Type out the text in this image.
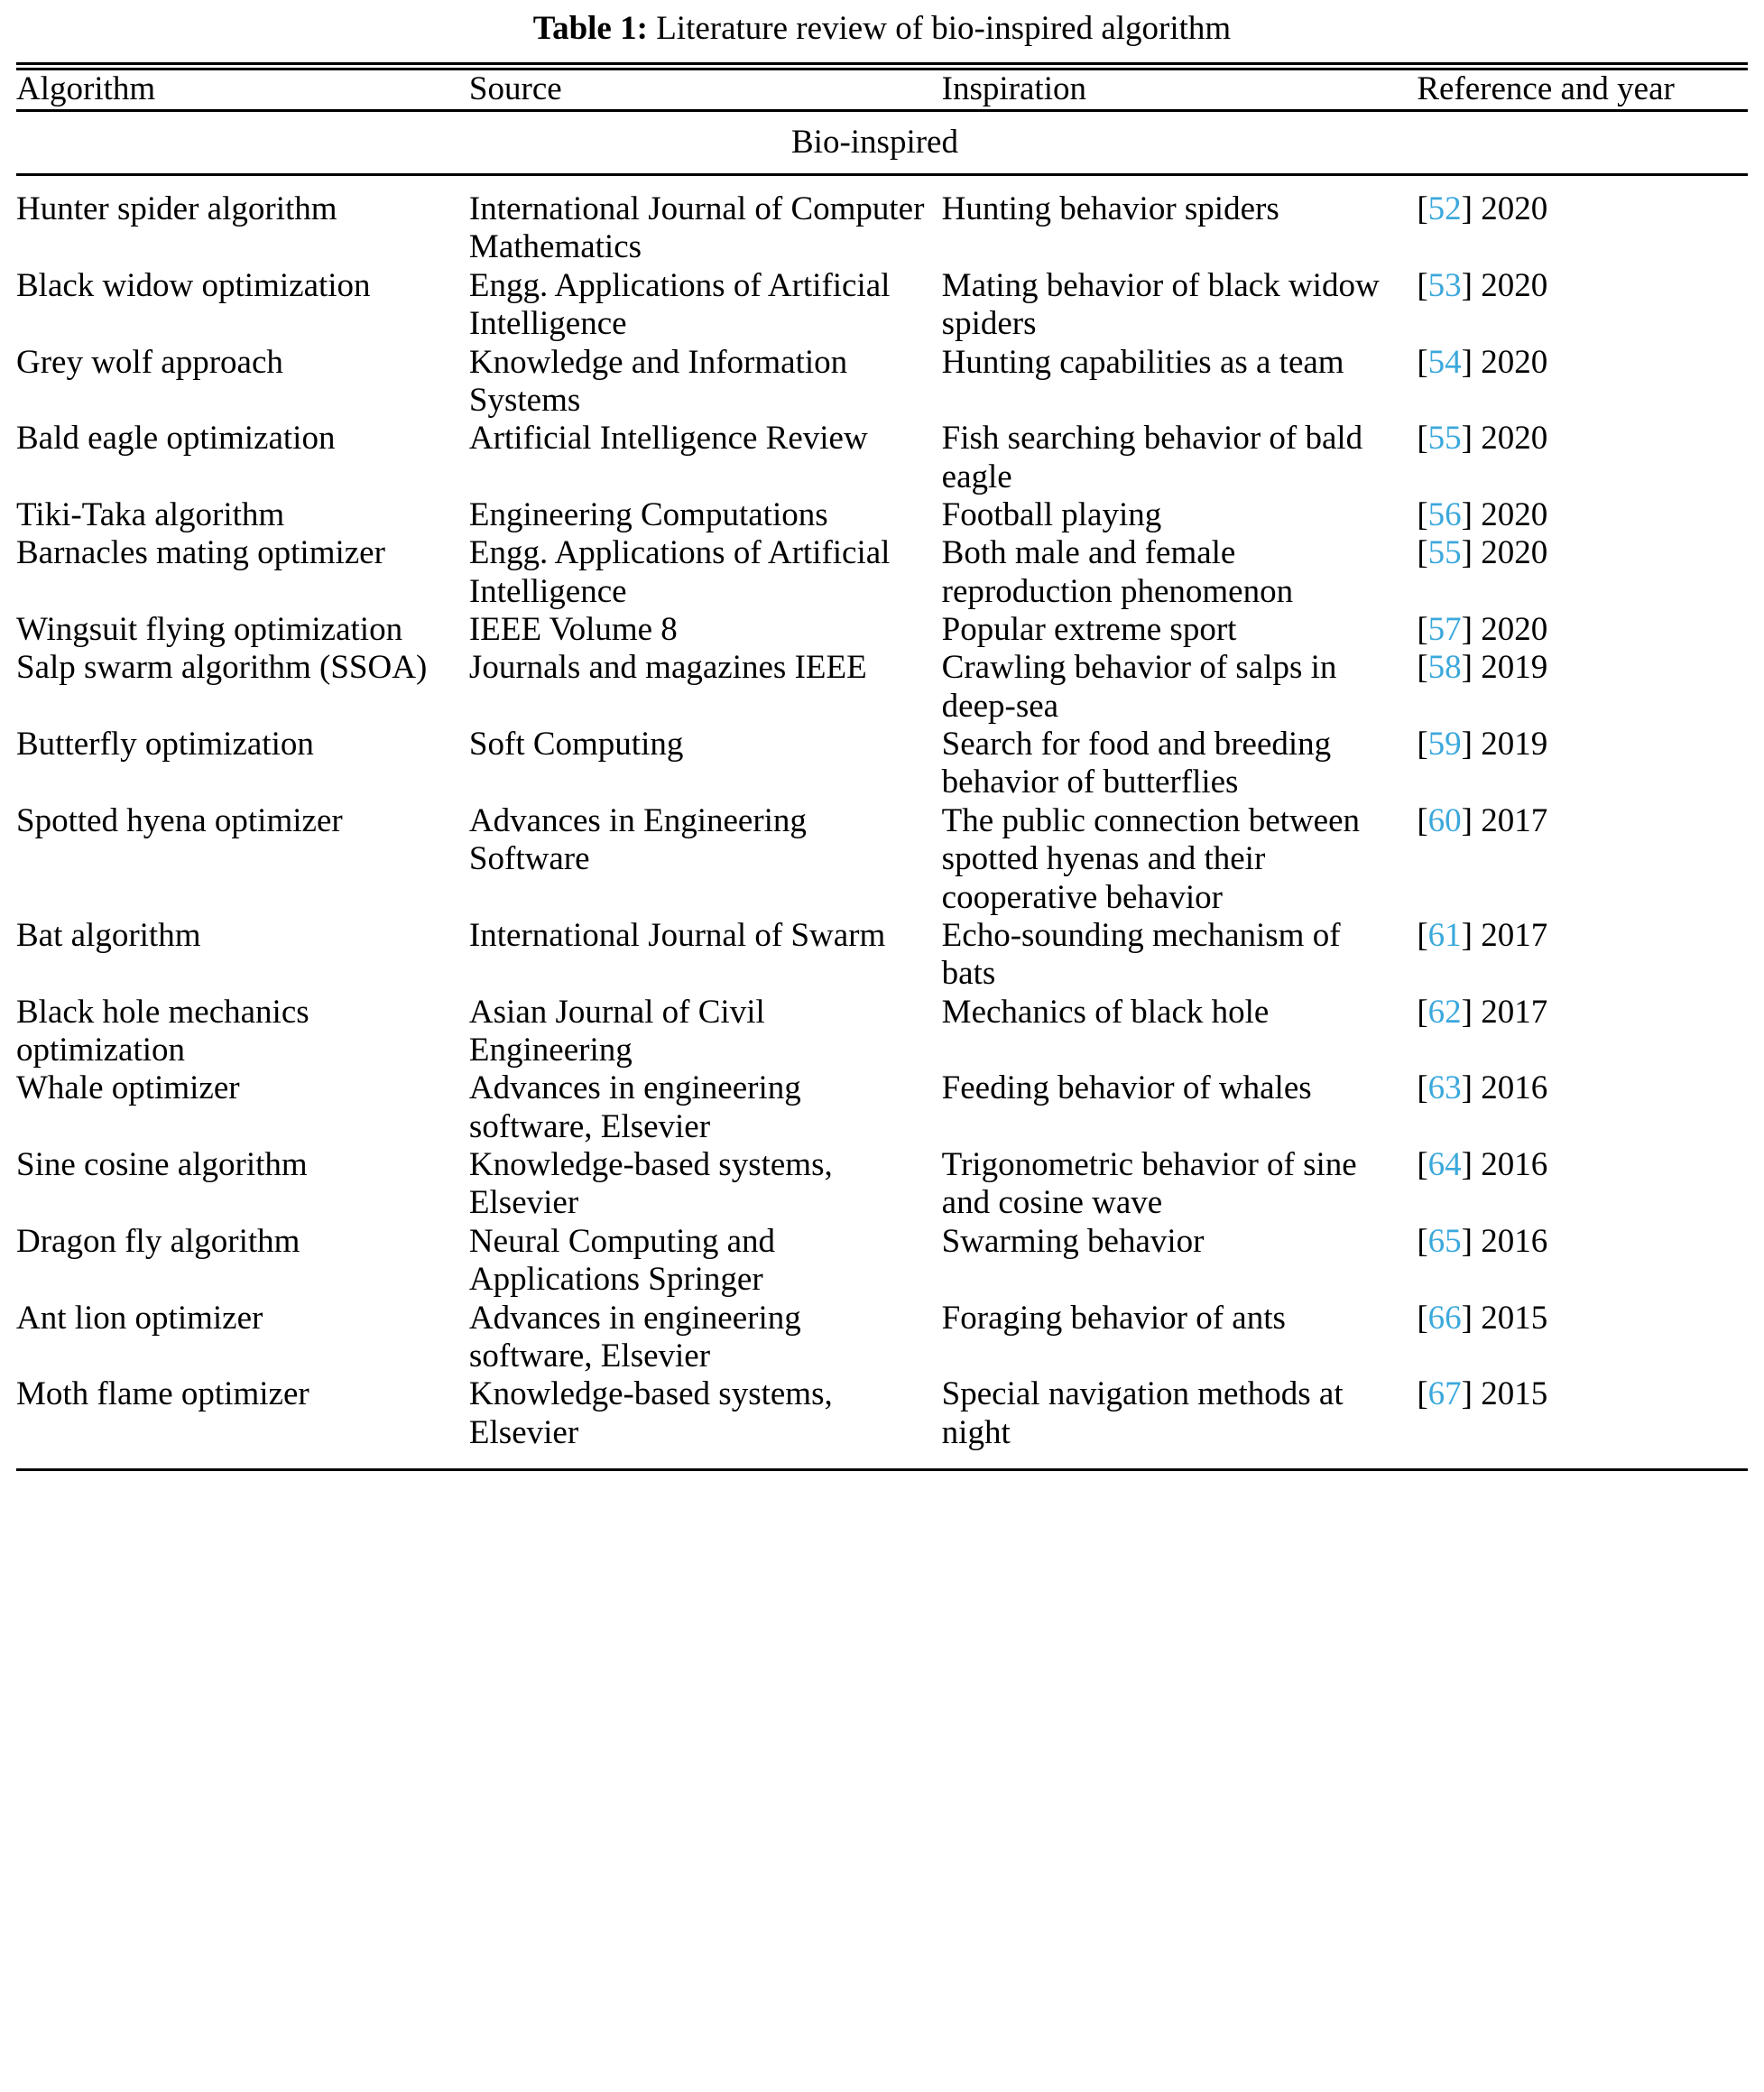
Table 1: Literature review of bio-inspired algorithm
Algorithm	Source	Inspiration	Reference and year
Bio-inspired
Hunter spider algorithm	International Journal of Computer Mathematics	Hunting behavior spiders	[52] 2020
Black widow optimization	Engg. Applications of Artificial Intelligence	Mating behavior of black widow spiders	[53] 2020
Grey wolf approach	Knowledge and Information Systems	Hunting capabilities as a team	[54] 2020
Bald eagle optimization	Artificial Intelligence Review	Fish searching behavior of bald eagle	[55] 2020
Tiki-Taka algorithm	Engineering Computations	Football playing	[56] 2020
Barnacles mating optimizer	Engg. Applications of Artificial Intelligence	Both male and female reproduction phenomenon	[55] 2020
Wingsuit flying optimization	IEEE Volume 8	Popular extreme sport	[57] 2020
Salp swarm algorithm (SSOA)	Journals and magazines IEEE	Crawling behavior of salps in deep-sea	[58] 2019
Butterfly optimization	Soft Computing	Search for food and breeding behavior of butterflies	[59] 2019
Spotted hyena optimizer	Advances in Engineering Software	The public connection between spotted hyenas and their cooperative behavior	[60] 2017
Bat algorithm	International Journal of Swarm	Echo-sounding mechanism of bats	[61] 2017
Black hole mechanics optimization	Asian Journal of Civil Engineering	Mechanics of black hole	[62] 2017
Whale optimizer	Advances in engineering software, Elsevier	Feeding behavior of whales	[63] 2016
Sine cosine algorithm	Knowledge-based systems, Elsevier	Trigonometric behavior of sine and cosine wave	[64] 2016
Dragon fly algorithm	Neural Computing and Applications Springer	Swarming behavior	[65] 2016
Ant lion optimizer	Advances in engineering software, Elsevier	Foraging behavior of ants	[66] 2015
Moth flame optimizer	Knowledge-based systems, Elsevier	Special navigation methods at night	[67] 2015
